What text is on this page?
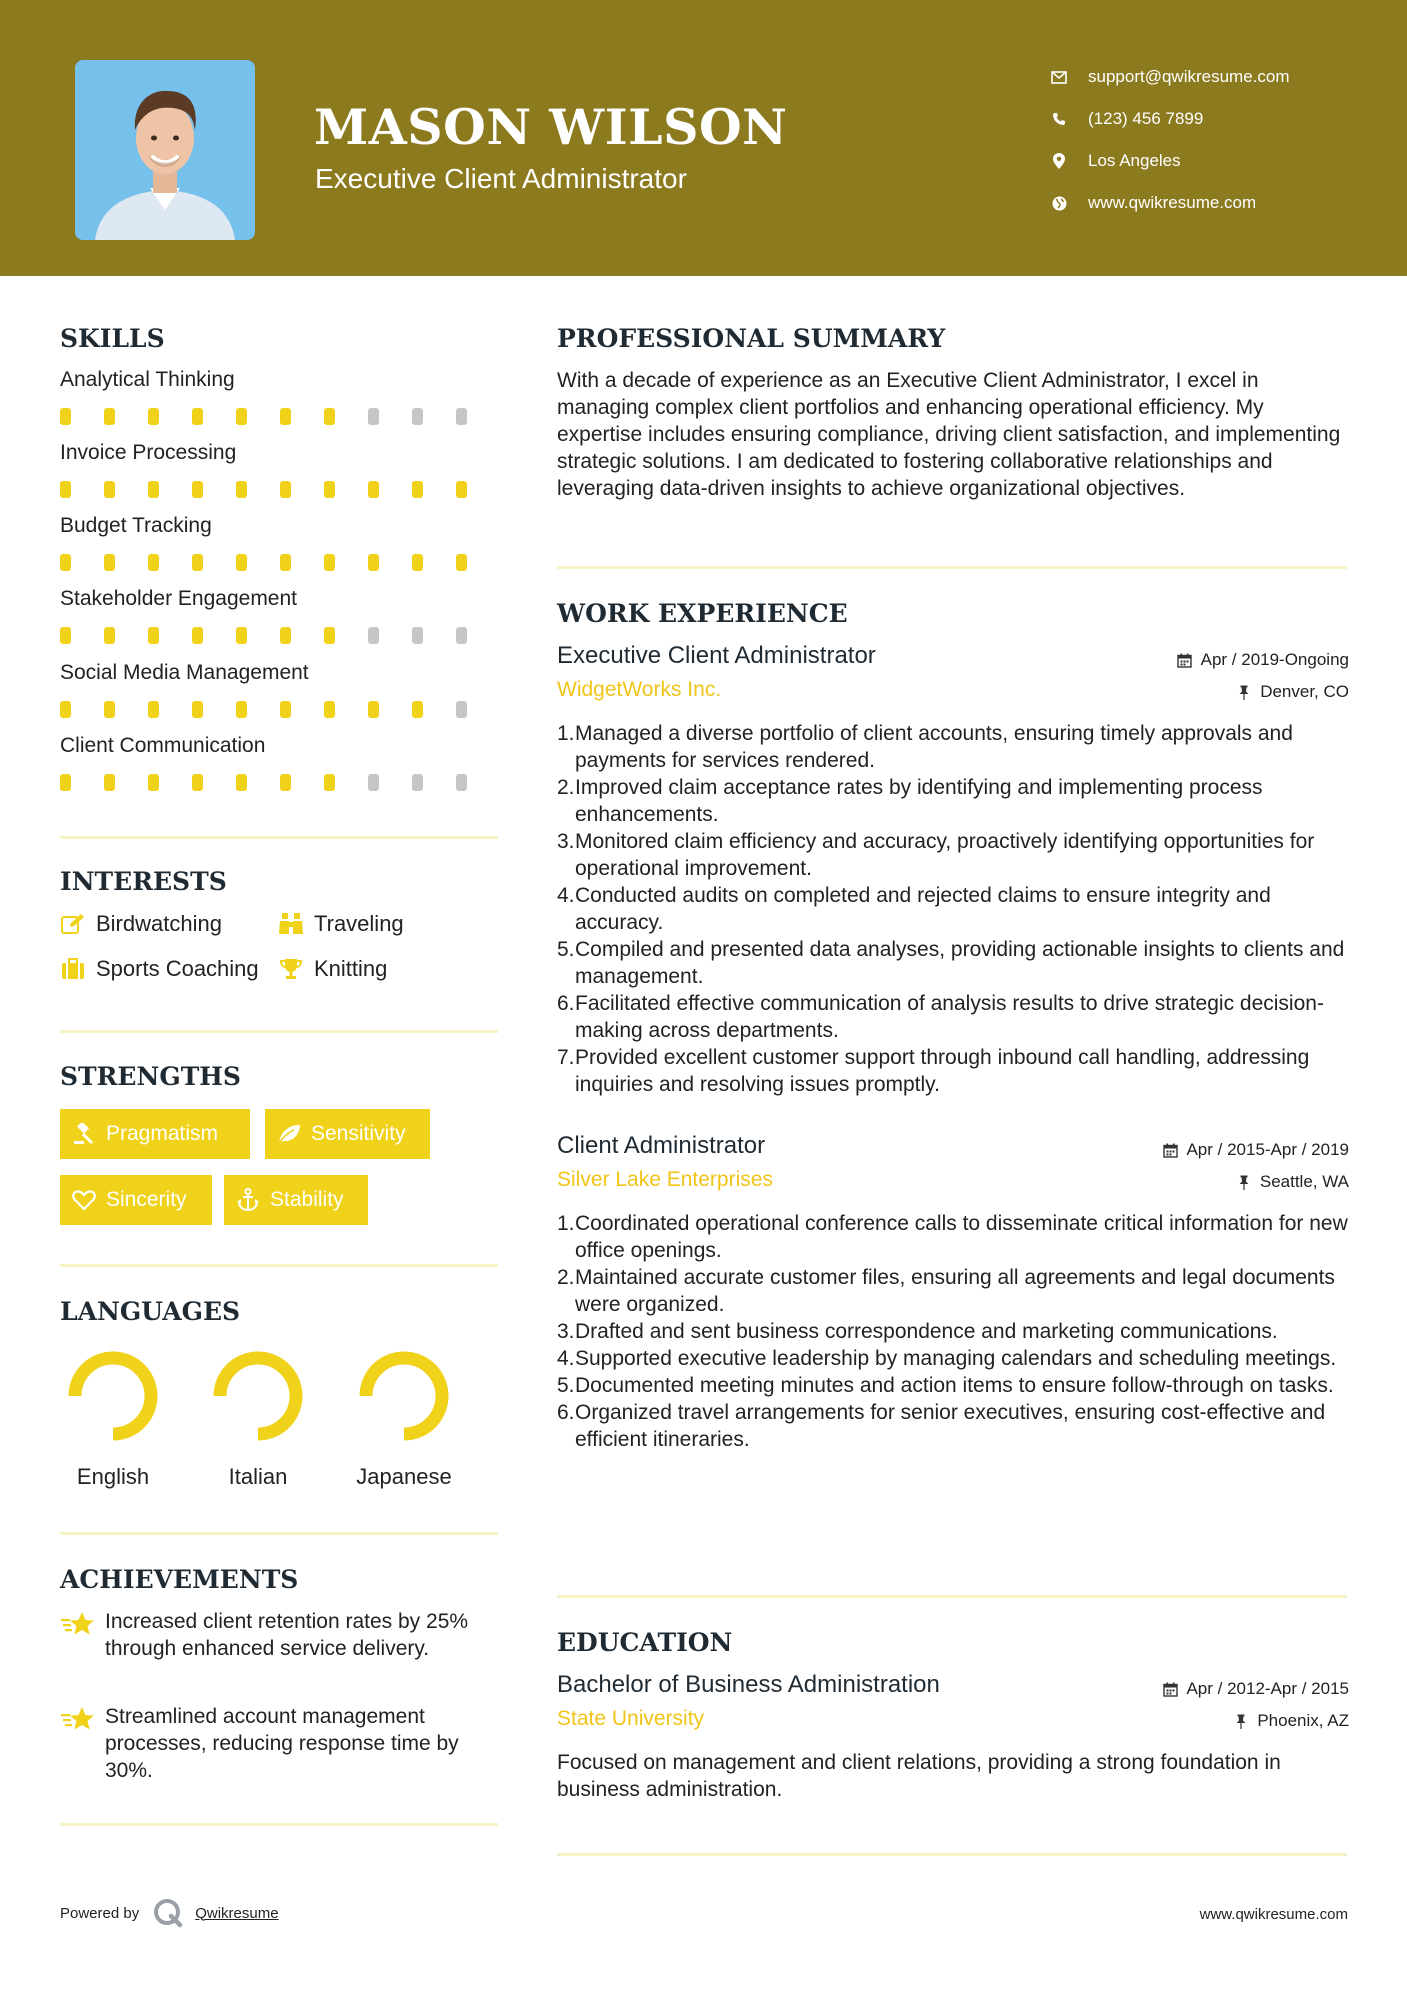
MASON WILSON
Executive Client Administrator
support@qwikresume.com
(123) 456 7899
Los Angeles
www.qwikresume.com
SKILLS
Analytical Thinking
Invoice Processing
Budget Tracking
Stakeholder Engagement
Social Media Management
Client Communication
INTERESTS
Birdwatching	Traveling
Sports Coaching	Knitting
STRENGTHS
Pragmatism	Sensitivity
Sincerity	Stability
LANGUAGES
English	Italian	Japanese
ACHIEVEMENTS
Increased client retention rates by 25% through enhanced service delivery.
Streamlined account management processes, reducing response time by 30%.
PROFESSIONAL SUMMARY
With a decade of experience as an Executive Client Administrator, I excel in managing complex client portfolios and enhancing operational efficiency. My expertise includes ensuring compliance, driving client satisfaction, and implementing strategic solutions. I am dedicated to fostering collaborative relationships and leveraging data-driven insights to achieve organizational objectives.
WORK EXPERIENCE
Executive Client Administrator	Apr / 2019-Ongoing
WidgetWorks Inc.	Denver, CO
1. Managed a diverse portfolio of client accounts, ensuring timely approvals and payments for services rendered.
2. Improved claim acceptance rates by identifying and implementing process enhancements.
3. Monitored claim efficiency and accuracy, proactively identifying opportunities for operational improvement.
4. Conducted audits on completed and rejected claims to ensure integrity and accuracy.
5. Compiled and presented data analyses, providing actionable insights to clients and management.
6. Facilitated effective communication of analysis results to drive strategic decision-making across departments.
7. Provided excellent customer support through inbound call handling, addressing inquiries and resolving issues promptly.
Client Administrator	Apr / 2015-Apr / 2019
Silver Lake Enterprises	Seattle, WA
1. Coordinated operational conference calls to disseminate critical information for new office openings.
2. Maintained accurate customer files, ensuring all agreements and legal documents were organized.
3. Drafted and sent business correspondence and marketing communications.
4. Supported executive leadership by managing calendars and scheduling meetings.
5. Documented meeting minutes and action items to ensure follow-through on tasks.
6. Organized travel arrangements for senior executives, ensuring cost-effective and efficient itineraries.
EDUCATION
Bachelor of Business Administration	Apr / 2012-Apr / 2015
State University	Phoenix, AZ
Focused on management and client relations, providing a strong foundation in business administration.
Powered by	Qwikresume	www.qwikresume.com
